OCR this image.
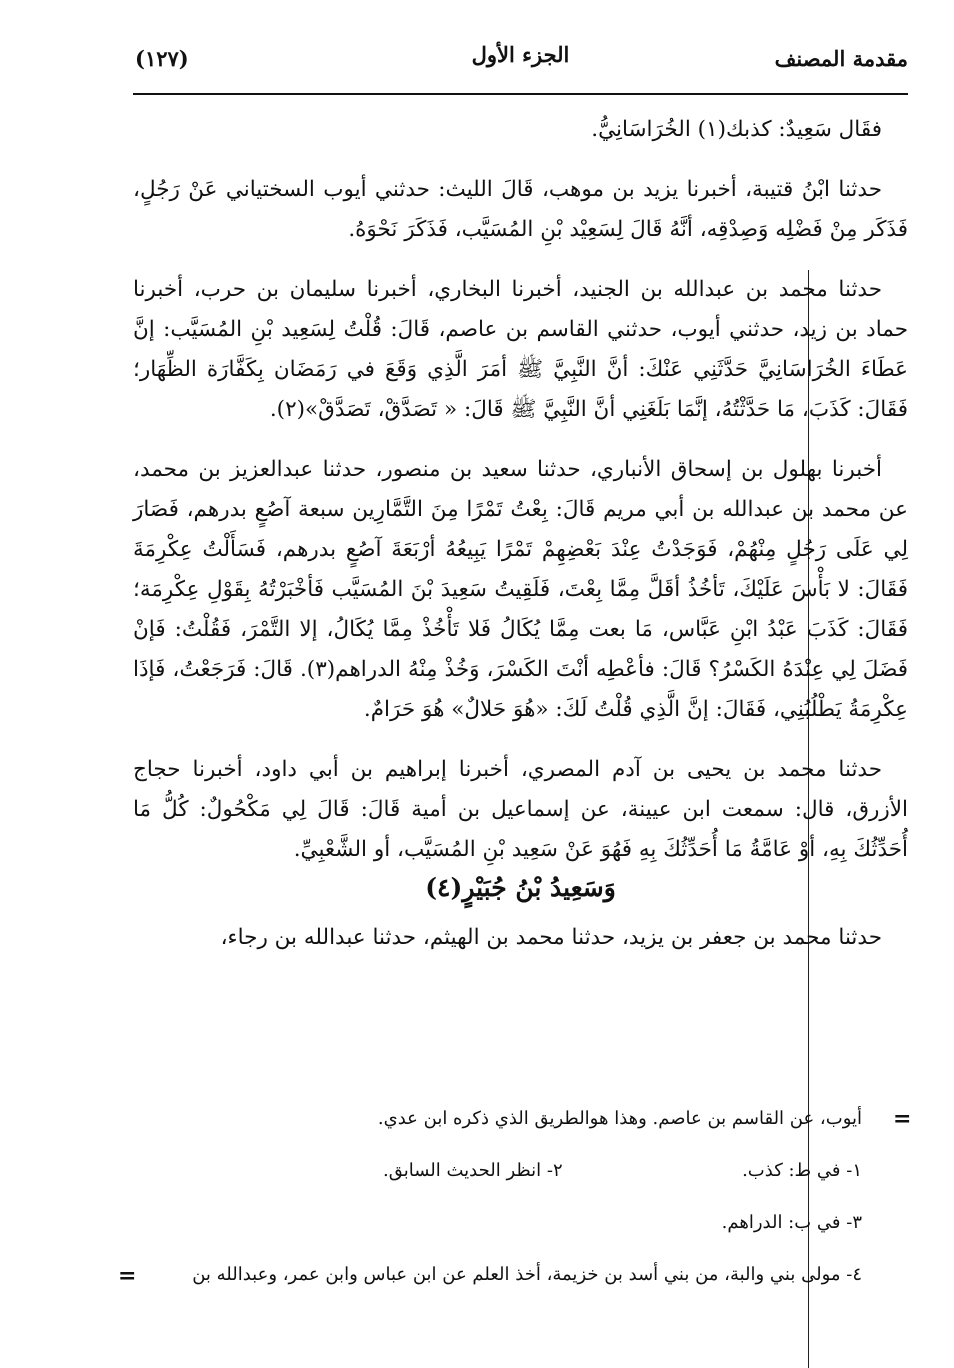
(١٢٧)	الجزء الأول	مقدمة المصنف

فقَال سَعِيدٌ: كذبك(١) الخُرَاسَانِيُّ.

حدثنا ابْنُ قتيبة، أخبرنا يزيد بن موهب، قَالَ الليث: حدثني أيوب السختياني عَنْ رَجُلٍ، فَذَكَر مِنْ فَضْلِه وَصِدْقِه، أنَّهُ قَالَ لِسَعِيْد بْنِ المُسَيَّب، فَذَكَرَ نَحْوَهُ.

حدثنا محمد بن عبدالله بن الجنيد، أخبرنا البخاري، أخبرنا سليمان بن حرب، أخبرنا حماد بن زيد، حدثني أيوب، حدثني القاسم بن عاصم، قَالَ: قُلْتُ لِسَعِيد بْنِ المُسَيَّب: إنَّ عَطَاءَ الخُرَاسَانِيَّ حَدَّثَنِي عَنْكَ: أنَّ النَّبِيَّ ﷺ أمَرَ الَّذِي وَقَعَ في رَمَضَان بِكَفَّارَة الظِّهَار؛ فَقَالَ: كَذَبَ، مَا حَدَّثْتُهُ، إنَّمَا بَلَغَنِي أنَّ النَّبِيَّ ﷺ قَالَ: « تَصَدَّقْ، تَصَدَّقْ»(٢).

أخبرنا بهلول بن إسحاق الأنباري، حدثنا سعيد بن منصور، حدثنا عبدالعزيز بن محمد، عن محمد بن عبدالله بن أبي مريم قَالَ: بِعْتُ تَمْرًا مِنَ التَّمَّارِين سبعة آصُعٍ بدرهم، فَصَارَ لِي عَلَى رَجُلٍ مِنْهُمْ، فَوَجَدْتُ عِنْدَ بَعْضِهِمْ تَمْرًا يَبِيعُهُ أرْبَعَةَ آصُعٍ بدرهم، فَسَأَلْتُ عِكْرِمَةَ فَقَالَ: لا بَأْسَ عَلَيْكَ، تَأخُذُ أقَلَّ مِمَّا بِعْتَ، فَلَقِيتُ سَعِيدَ بْنَ المُسَيَّب فَأخْبَرْتُهُ بِقَوْلِ عِكْرِمَة؛ فَقَالَ: كَذَبَ عَبْدُ ابْنِ عَبَّاس، مَا بعت مِمَّا يُكَالُ فَلا تَأْخُذْ مِمَّا يُكَالُ، إلا التَّمْرَ، فَقُلْتُ: فَإنْ فَضَلَ لِي عِنْدَهُ الكَسْرُ؟ قَالَ: فأعْطِه أنْتَ الكَسْرَ، وَخُذْ مِنْهُ الدراهم(٣). قَالَ: فَرَجَعْتُ، فَإذَا عِكْرِمَةُ يَطْلُبُنِي، فَقَالَ: إنَّ الَّذِي قُلْتُ لَكَ: «هُوَ حَلالٌ» هُوَ حَرَامٌ.

حدثنا محمد بن يحيى بن آدم المصري، أخبرنا إبراهيم بن أبي داود، أخبرنا حجاج الأزرق، قال: سمعت ابن عيينة، عن إسماعيل بن أمية قَالَ: قَالَ لِي مَكْحُولٌ: كُلُّ مَا أُحَدِّثُكَ بِهِ، أوْ عَامَّةُ مَا أُحَدِّثُكَ بِهِ فَهُوَ عَنْ سَعِيد بْنِ المُسَيَّب، أو الشَّعْبِيِّ.

وَسَعِيدُ بْنُ جُبَيْرٍ(٤)

حدثنا محمد بن جعفر بن يزيد، حدثنا محمد بن الهيثم، حدثنا عبدالله بن رجاء،

أيوب، عن القاسم بن عاصم. وهذا هوالطريق الذي ذكره ابن عدي.
١- في ط: كذب.
٢- انظر الحديث السابق.
٣- في ب: الدراهم.
٤- مولى بني والبة، من بني أسد بن خزيمة، أخذ العلم عن ابن عباس وابن عمر، وعبدالله بن
=
=
